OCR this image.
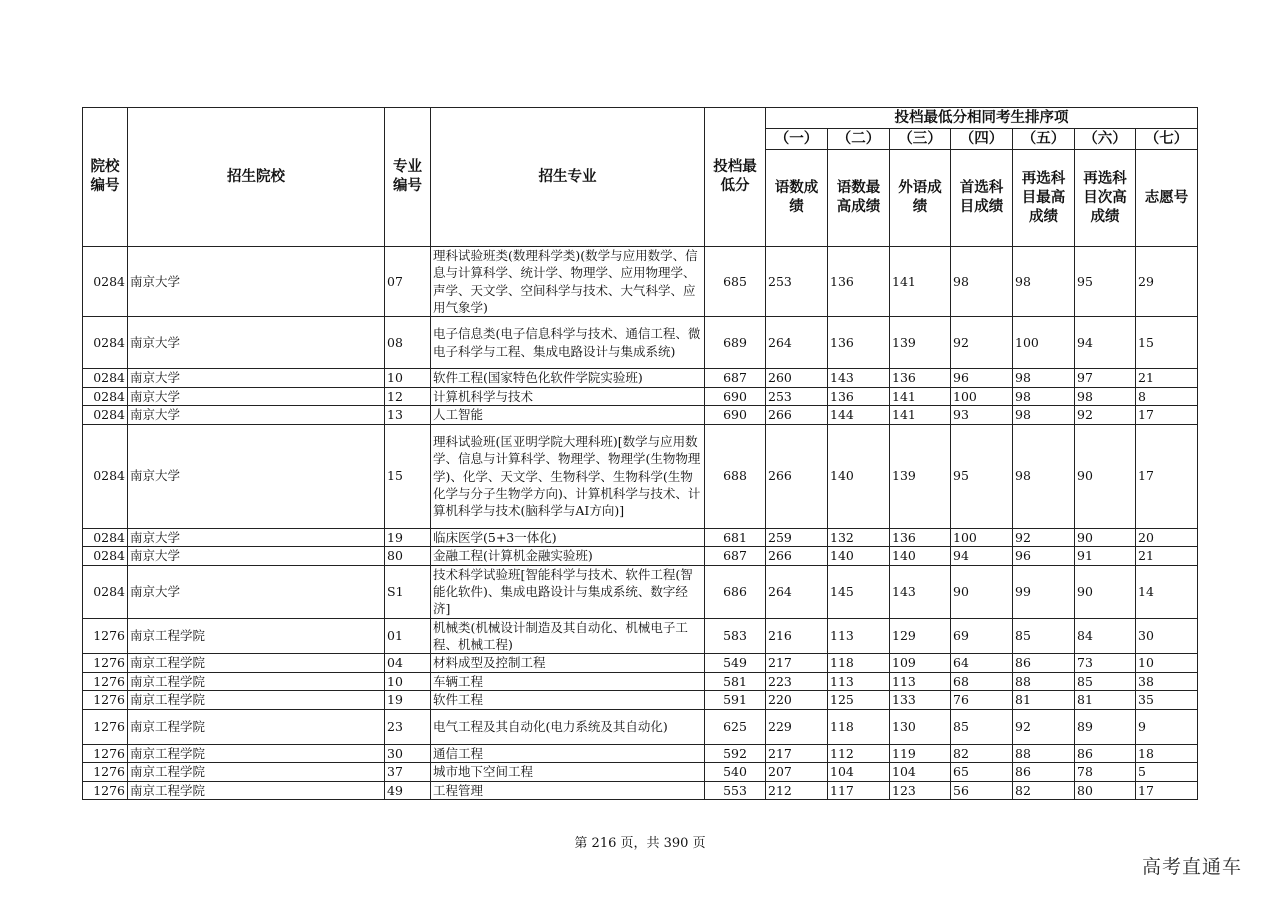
院校编号	招生院校	专业编号	招生专业	投档最低分	投档最低分相同考生排序项						
					（一）	（二）	（三）	（四）	（五）	（六）	（七）
					语数成绩	语数最高成绩	外语成绩	首选科目成绩	再选科目最高成绩	再选科目次高成绩	志愿号
0284	南京大学	07	理科试验班类(数理科学类)(数学与应用数学、信息与计算科学、统计学、物理学、应用物理学、声学、天文学、空间科学与技术、大气科学、应用气象学)	685	253	136	141	98	98	95	29
0284	南京大学	08	电子信息类(电子信息科学与技术、通信工程、微电子科学与工程、集成电路设计与集成系统)	689	264	136	139	92	100	94	15
0284	南京大学	10	软件工程(国家特色化软件学院实验班)	687	260	143	136	96	98	97	21
0284	南京大学	12	计算机科学与技术	690	253	136	141	100	98	98	8
0284	南京大学	13	人工智能	690	266	144	141	93	98	92	17
0284	南京大学	15	理科试验班(匡亚明学院大理科班)[数学与应用数学、信息与计算科学、物理学、物理学(生物物理学)、化学、天文学、生物科学、生物科学(生物化学与分子生物学方向)、计算机科学与技术、计算机科学与技术(脑科学与AI方向)]	688	266	140	139	95	98	90	17
0284	南京大学	19	临床医学(5+3一体化)	681	259	132	136	100	92	90	20
0284	南京大学	80	金融工程(计算机金融实验班)	687	266	140	140	94	96	91	21
0284	南京大学	S1	技术科学试验班[智能科学与技术、软件工程(智能化软件)、集成电路设计与集成系统、数字经济]	686	264	145	143	90	99	90	14
1276	南京工程学院	01	机械类(机械设计制造及其自动化、机械电子工程、机械工程)	583	216	113	129	69	85	84	30
1276	南京工程学院	04	材料成型及控制工程	549	217	118	109	64	86	73	10
1276	南京工程学院	10	车辆工程	581	223	113	113	68	88	85	38
1276	南京工程学院	19	软件工程	591	220	125	133	76	81	81	35
1276	南京工程学院	23	电气工程及其自动化(电力系统及其自动化)	625	229	118	130	85	92	89	9
1276	南京工程学院	30	通信工程	592	217	112	119	82	88	86	18
1276	南京工程学院	37	城市地下空间工程	540	207	104	104	65	86	78	5
1276	南京工程学院	49	工程管理	553	212	117	123	56	82	80	17
第 216 页，共 390 页
高考直通车
